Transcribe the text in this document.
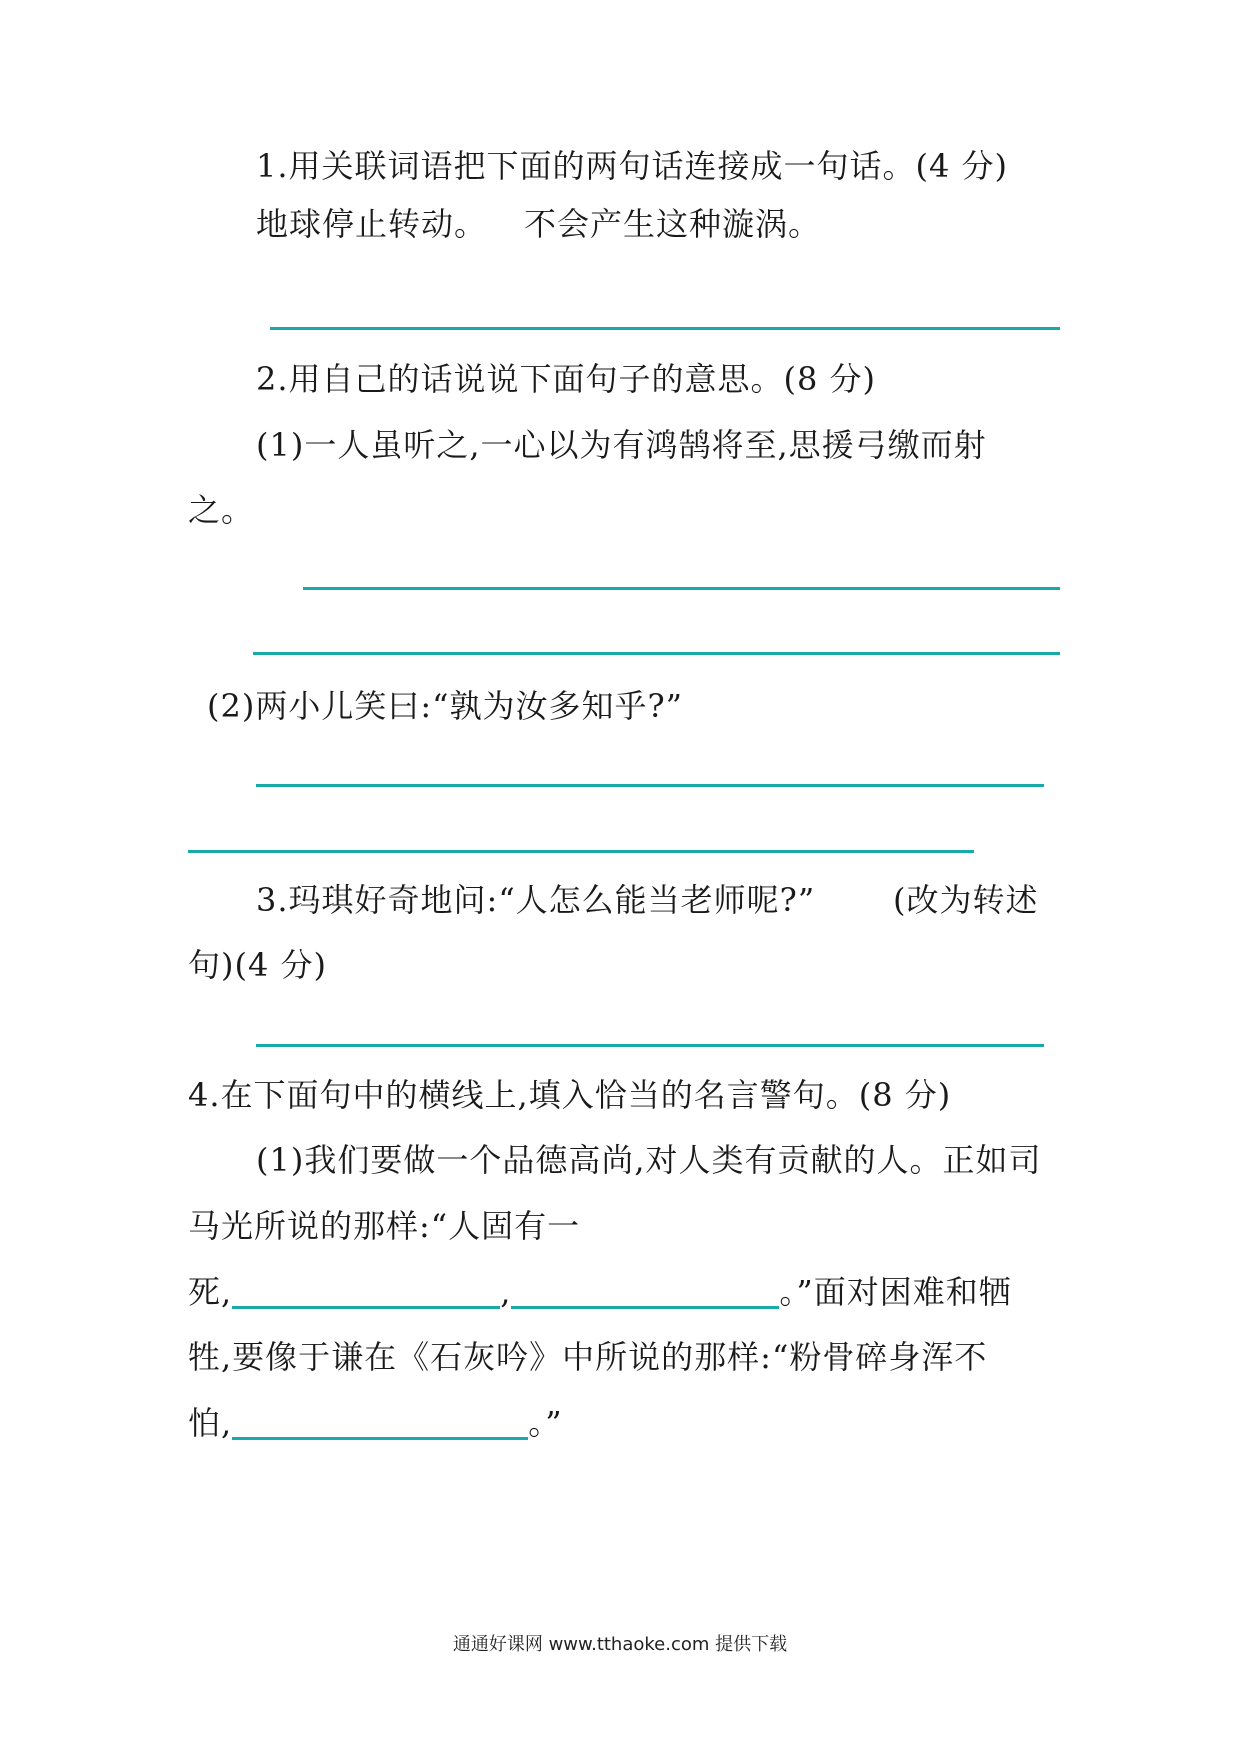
1.用关联词语把下面的两句话连接成一句话。(4 分)
地球停止转动。 不会产生这种漩涡。
2.用自己的话说说下面句子的意思。(8 分)
(1)一人虽听之,一心以为有鸿鹄将至,思援弓缴而射
之。
(2)两小儿笑曰:“孰为汝多知乎?”
3.玛琪好奇地问:“人怎么能当老师呢?” (改为转述
句)(4 分)
4.在下面句中的横线上,填入恰当的名言警句。(8 分)
(1)我们要做一个品德高尚,对人类有贡献的人。正如司
马光所说的那样:“人固有一
死,	,	。”面对困难和牺
牲,要像于谦在《石灰吟》中所说的那样:“粉骨碎身浑不
怕,	。”
通通好课网 www.tthaoke.com 提供下载
